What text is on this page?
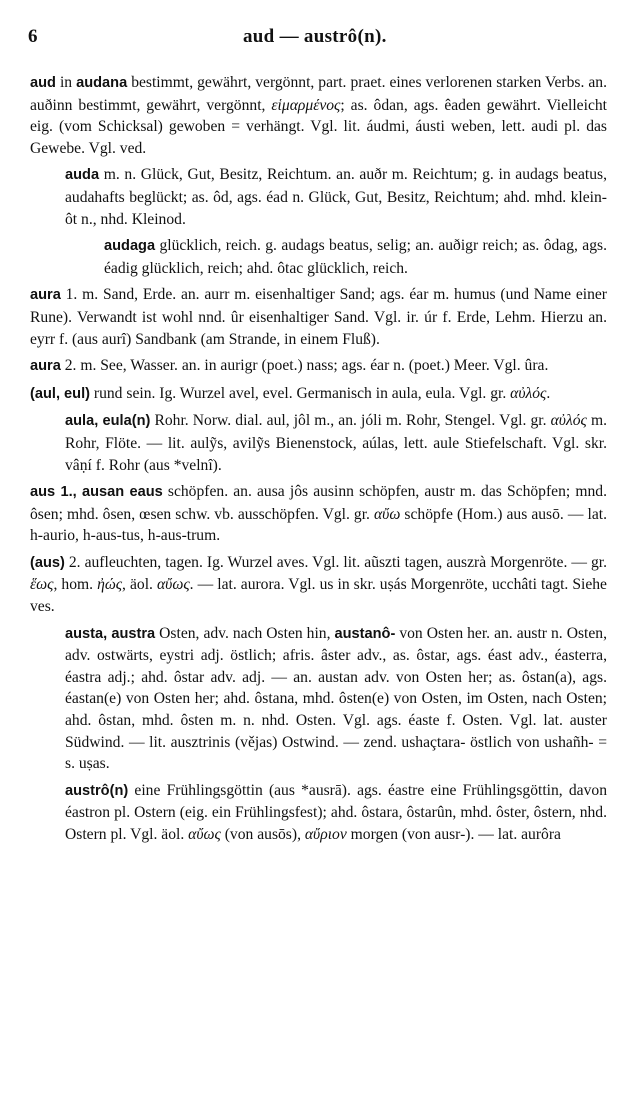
6	aud — austrô(n).

aud in audana bestimmt, gewährt, vergönnt, part. praet. eines verlorenen starken Verbs. an. auðinn bestimmt, gewährt, vergönnt, εἱμαρμένος; as. ôdan, ags. êaden gewährt. Vielleicht eig. (vom Schicksal) gewoben = verhängt. Vgl. lit. áudmi, áusti weben, lett. audi pl. das Gewebe. Vgl. ved.

auda m. n. Glück, Gut, Besitz, Reichtum. an. auðr m. Reichtum; g. in audags beatus, audahafts beglückt; as. ôd, ags. éad n. Glück, Gut, Besitz, Reichtum; ahd. mhd. klein-ôt n., nhd. Kleinod.

audaga glücklich, reich. g. audags beatus, selig; an. auðigr reich; as. ôdag, ags. éadig glücklich, reich; ahd. ôtac glücklich, reich.

aura 1. m. Sand, Erde. an. aurr m. eisenhaltiger Sand; ags. éar m. humus (und Name einer Rune). Verwandt ist wohl nnd. ûr eisenhaltiger Sand. Vgl. ir. úr f. Erde, Lehm. Hierzu an. eyrr f. (aus aurî) Sandbank (am Strande, in einem Fluß).

aura 2. m. See, Wasser. an. in aurigr (poet.) nass; ags. éar n. (poet.) Meer. Vgl. ûra.

(aul, eul) rund sein. Ig. Wurzel avel, evel. Germanisch in aula, eula. Vgl. gr. αὐλός.

aula, eula(n) Rohr. Norw. dial. aul, jôl m., an. jóli m. Rohr, Stengel. Vgl. gr. αὐλός m. Rohr, Flöte. — lit. aulỹs, avilỹs Bienenstock, aúlas, lett. aule Stiefelschaft. Vgl. skr. vâṇí f. Rohr (aus *velnî).

aus 1., ausan eaus schöpfen. an. ausa jôs ausinn schöpfen, austr m. das Schöpfen; mnd. ôsen; mhd. ôsen, œsen schw. vb. ausschöpfen. Vgl. gr. αὔω schöpfe (Hom.) aus ausō. — lat. h-aurio, h-aus-tus, h-aus-trum.

(aus) 2. aufleuchten, tagen. Ig. Wurzel aves. Vgl. lit. aũszti tagen, auszrà Morgenröte. — gr. ἕως, hom. ἠώς, äol. αὔως. — lat. aurora. Vgl. us in skr. uṣás Morgenröte, ucchâti tagt. Siehe ves.

austa, austra Osten, adv. nach Osten hin, austanô- von Osten her. an. austr n. Osten, adv. ostwärts, eystri adj. östlich; afris. âster adv., as. ôstar, ags. éast adv., éasterra, éastra adj.; ahd. ôstar adv. adj. — an. austan adv. von Osten her; as. ôstan(a), ags. éastan(e) von Osten her; ahd. ôstana, mhd. ôsten(e) von Osten, im Osten, nach Osten; ahd. ôstan, mhd. ôsten m. n. nhd. Osten. Vgl. ags. éaste f. Osten. Vgl. lat. auster Südwind. — lit. ausztrinis (vějas) Ostwind. — zend. ushaçtara- östlich von ushañh- = s. uṣas.

austrô(n) eine Frühlingsgöttin (aus *ausrā). ags. éastre eine Frühlingsgöttin, davon éastron pl. Ostern (eig. ein Frühlingsfest); ahd. ôstara, ôstarûn, mhd. ôster, ôstern, nhd. Ostern pl. Vgl. äol. αὔως (von ausōs), αὔριον morgen (von ausr-). — lat. aurôra
